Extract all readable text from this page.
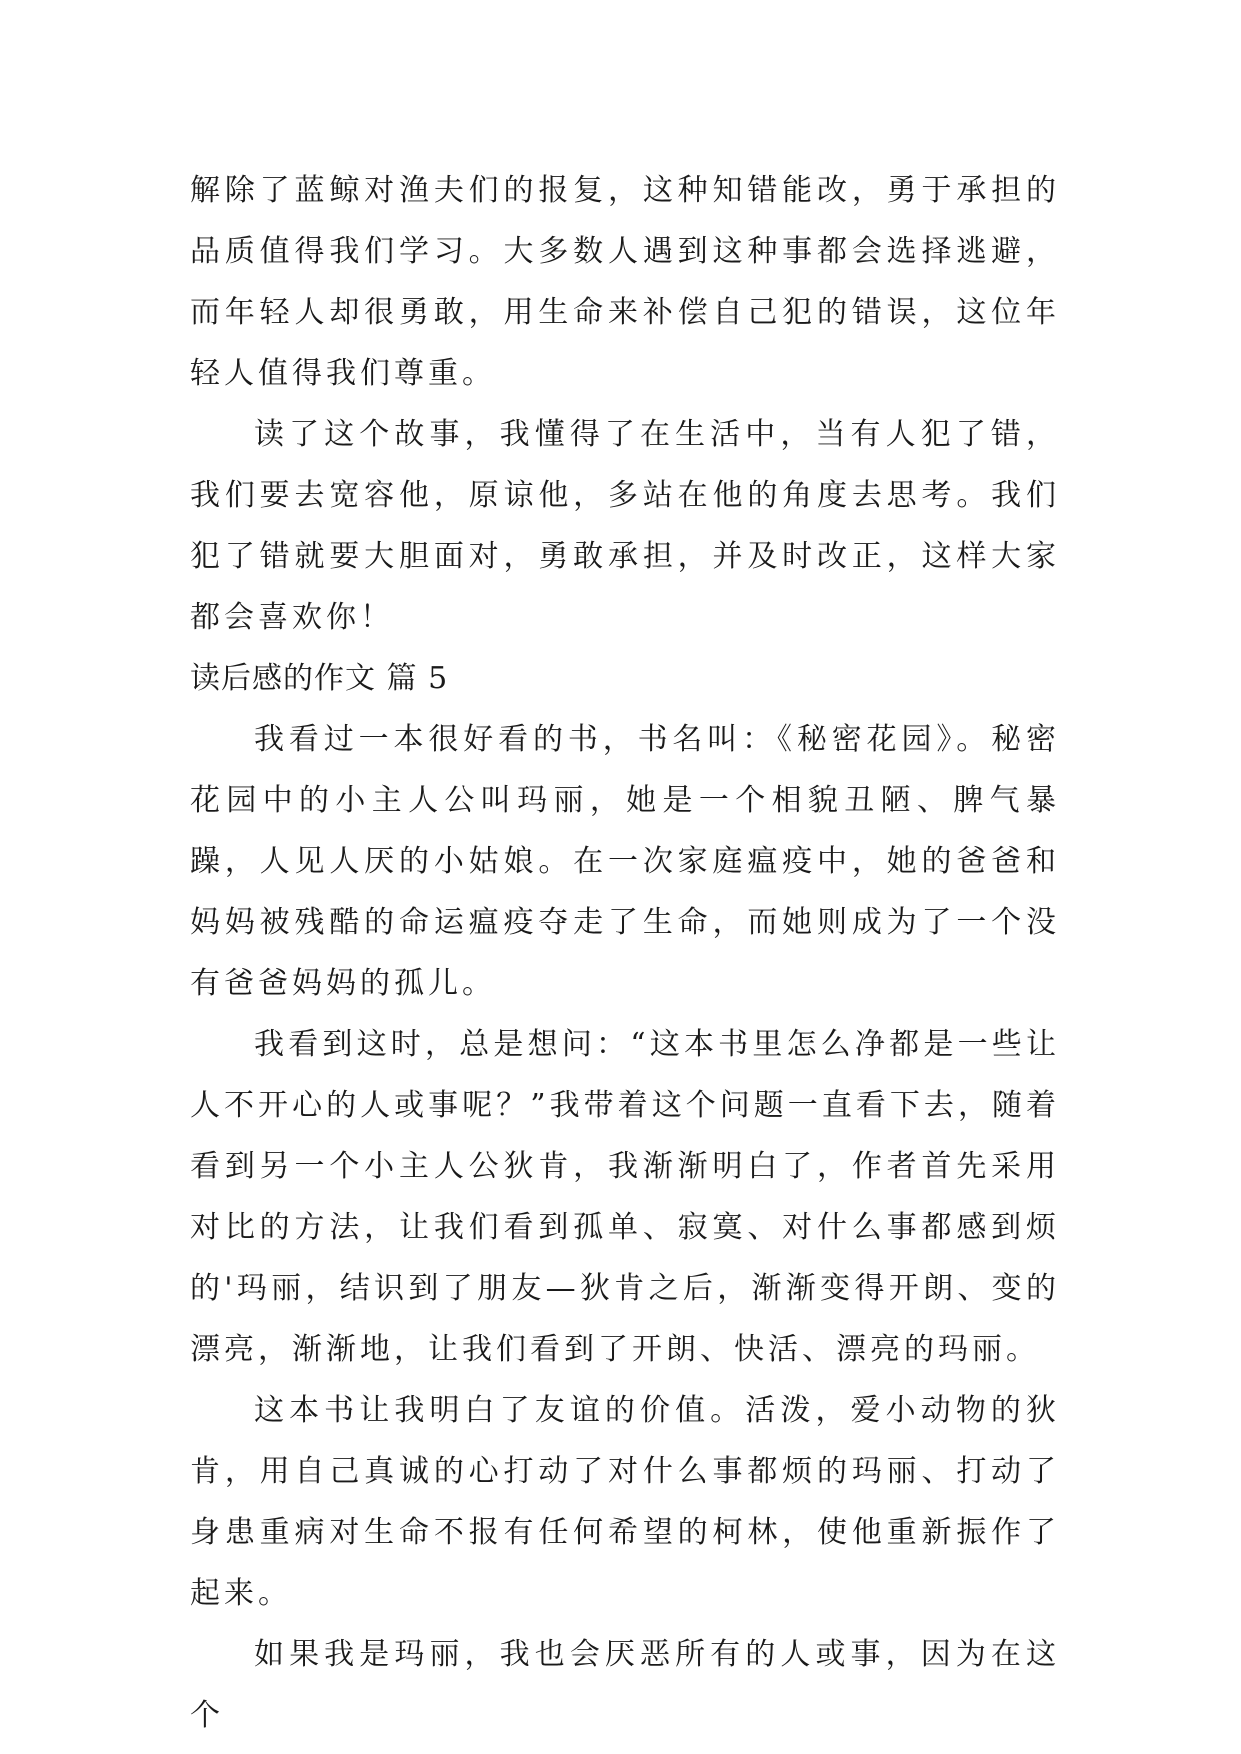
解除了蓝鲸对渔夫们的报复，这种知错能改，勇于承担的品质值得我们学习。大多数人遇到这种事都会选择逃避，而年轻人却很勇敢，用生命来补偿自己犯的错误，这位年轻人值得我们尊重。

读了这个故事，我懂得了在生活中，当有人犯了错，我们要去宽容他，原谅他，多站在他的角度去思考。我们犯了错就要大胆面对，勇敢承担，并及时改正，这样大家都会喜欢你！

读后感的作文 篇 5

我看过一本很好看的书，书名叫：《秘密花园》。秘密花园中的小主人公叫玛丽，她是一个相貌丑陋、脾气暴躁，人见人厌的小姑娘。在一次家庭瘟疫中，她的爸爸和妈妈被残酷的命运瘟疫夺走了生命，而她则成为了一个没有爸爸妈妈的孤儿。

我看到这时，总是想问：“这本书里怎么净都是一些让人不开心的人或事呢？”我带着这个问题一直看下去，随着看到另一个小主人公狄肯，我渐渐明白了，作者首先采用对比的方法，让我们看到孤单、寂寞、对什么事都感到烦的'玛丽，结识到了朋友—狄肯之后，渐渐变得开朗、变的漂亮，渐渐地，让我们看到了开朗、快活、漂亮的玛丽。

这本书让我明白了友谊的价值。活泼，爱小动物的狄肯，用自己真诚的心打动了对什么事都烦的玛丽、打动了身患重病对生命不报有任何希望的柯林，使他重新振作了起来。

如果我是玛丽，我也会厌恶所有的人或事，因为在这个
